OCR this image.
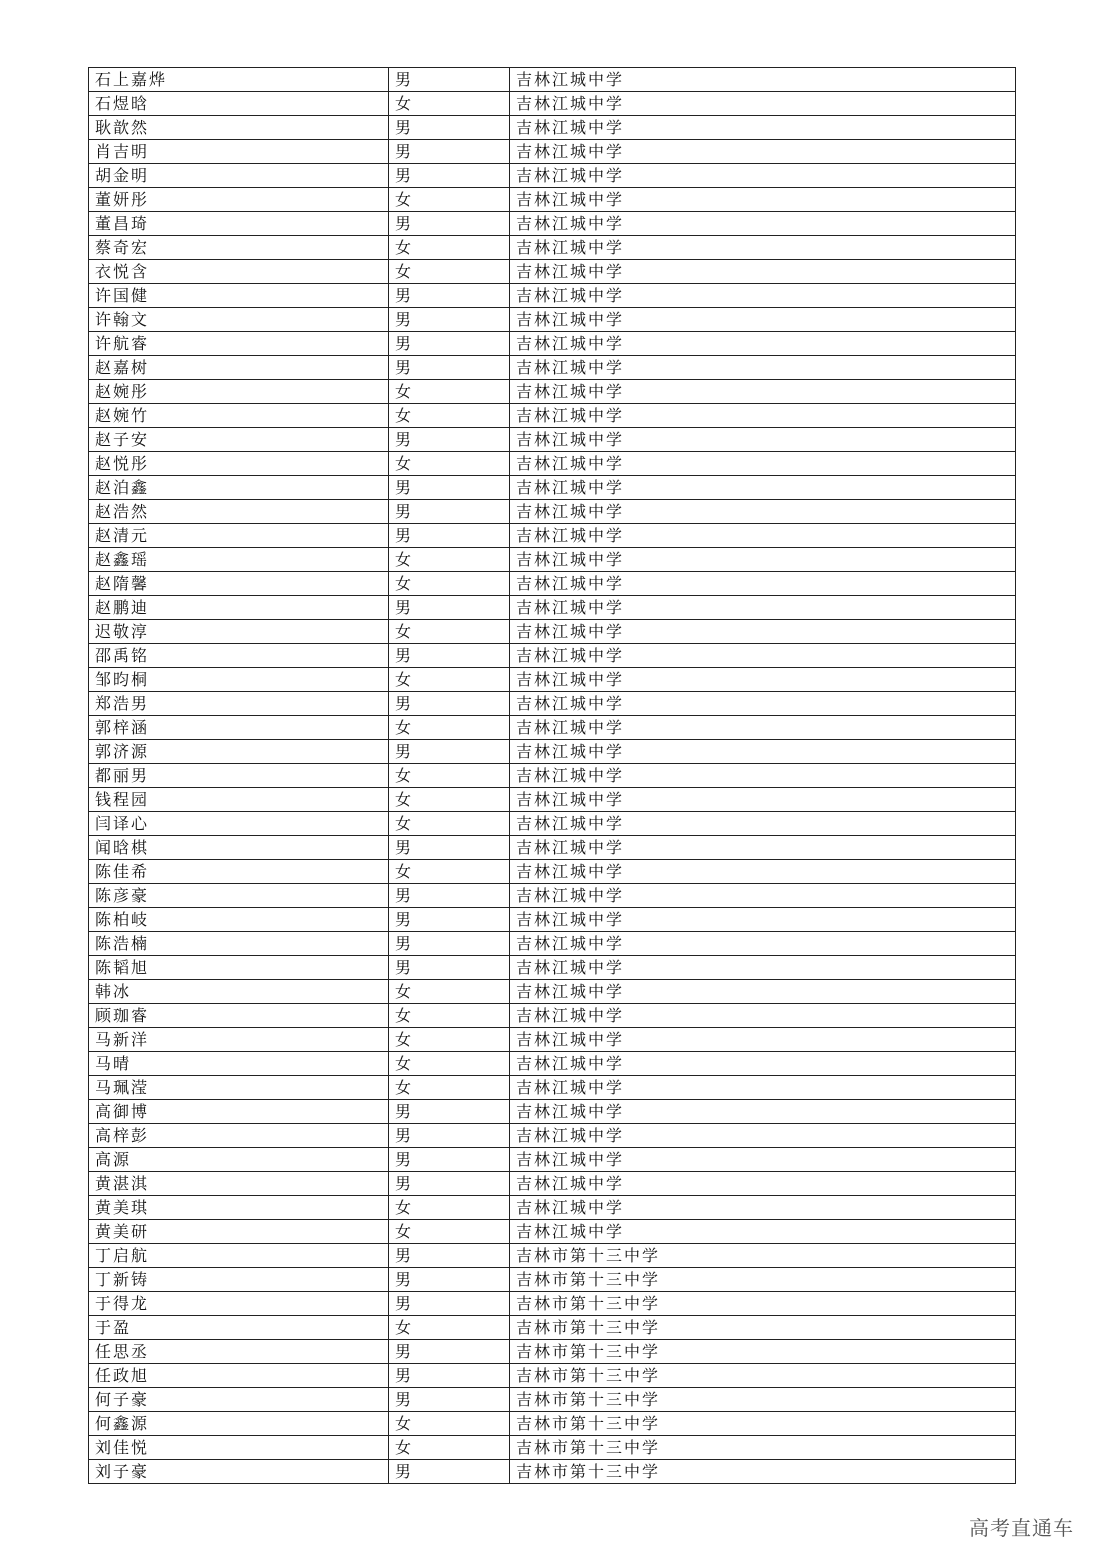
石上嘉烨	男	吉林江城中学
石煜晗	女	吉林江城中学
耿歆然	男	吉林江城中学
肖吉明	男	吉林江城中学
胡金明	男	吉林江城中学
董妍彤	女	吉林江城中学
董昌琦	男	吉林江城中学
蔡奇宏	女	吉林江城中学
衣悦含	女	吉林江城中学
许国健	男	吉林江城中学
许翰文	男	吉林江城中学
许航睿	男	吉林江城中学
赵嘉树	男	吉林江城中学
赵婉彤	女	吉林江城中学
赵婉竹	女	吉林江城中学
赵子安	男	吉林江城中学
赵悦彤	女	吉林江城中学
赵泊鑫	男	吉林江城中学
赵浩然	男	吉林江城中学
赵清元	男	吉林江城中学
赵鑫瑶	女	吉林江城中学
赵隋馨	女	吉林江城中学
赵鹏迪	男	吉林江城中学
迟敬淳	女	吉林江城中学
邵禹铭	男	吉林江城中学
邹昀桐	女	吉林江城中学
郑浩男	男	吉林江城中学
郭梓涵	女	吉林江城中学
郭济源	男	吉林江城中学
都丽男	女	吉林江城中学
钱程园	女	吉林江城中学
闫译心	女	吉林江城中学
闻晗棋	男	吉林江城中学
陈佳希	女	吉林江城中学
陈彦豪	男	吉林江城中学
陈柏岐	男	吉林江城中学
陈浩楠	男	吉林江城中学
陈韬旭	男	吉林江城中学
韩冰	女	吉林江城中学
顾珈睿	女	吉林江城中学
马新洋	女	吉林江城中学
马晴	女	吉林江城中学
马珮滢	女	吉林江城中学
高御博	男	吉林江城中学
高梓彭	男	吉林江城中学
高源	男	吉林江城中学
黄湛淇	男	吉林江城中学
黄美琪	女	吉林江城中学
黄美研	女	吉林江城中学
丁启航	男	吉林市第十三中学
丁新铸	男	吉林市第十三中学
于得龙	男	吉林市第十三中学
于盈	女	吉林市第十三中学
任思丞	男	吉林市第十三中学
任政旭	男	吉林市第十三中学
何子豪	男	吉林市第十三中学
何鑫源	女	吉林市第十三中学
刘佳悦	女	吉林市第十三中学
刘子豪	男	吉林市第十三中学
高考直通车
